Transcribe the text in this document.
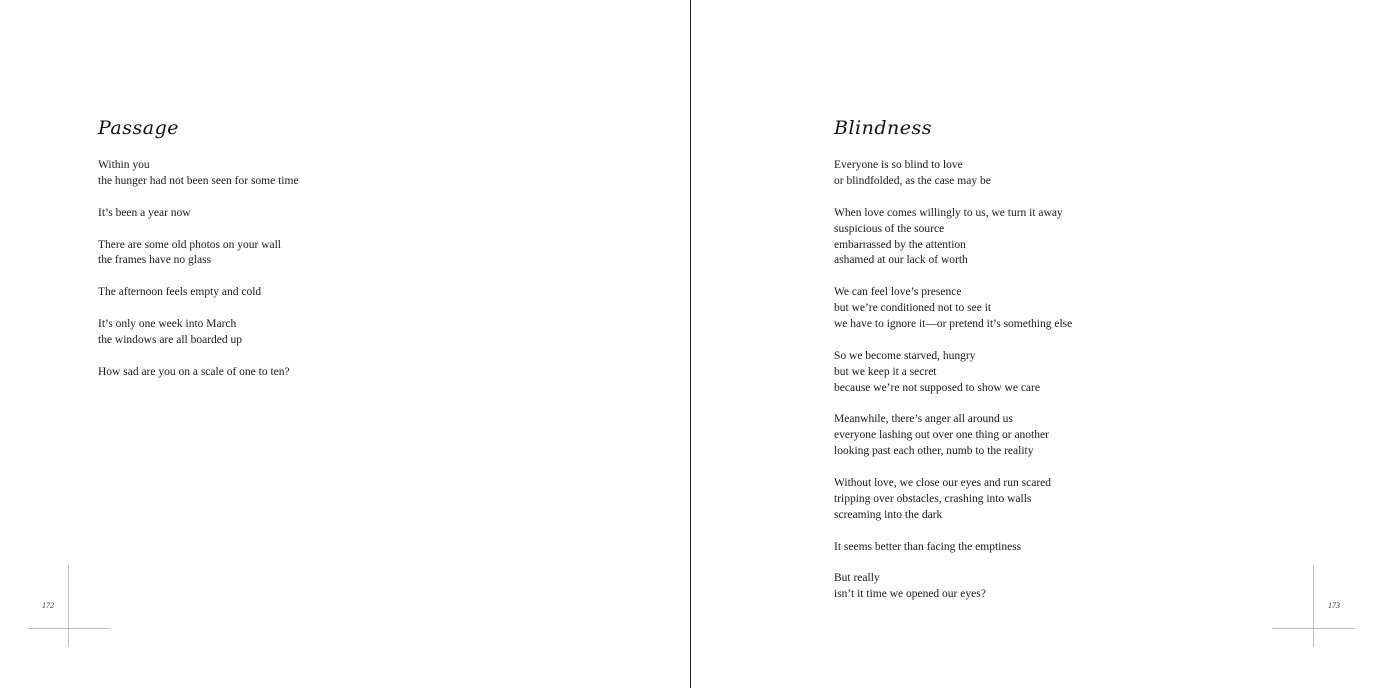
Passage
Within you
the hunger had not been seen for some time
It’s been a year now
There are some old photos on your wall
the frames have no glass
The afternoon feels empty and cold
It’s only one week into March
the windows are all boarded up
How sad are you on a scale of one to ten?
172
Blindness
Everyone is so blind to love
or blindfolded, as the case may be
When love comes willingly to us, we turn it away
suspicious of the source
embarrassed by the attention
ashamed at our lack of worth
We can feel love’s presence
but we’re conditioned not to see it
we have to ignore it—or pretend it’s something else
So we become starved, hungry
but we keep it a secret
because we’re not supposed to show we care
Meanwhile, there’s anger all around us
everyone lashing out over one thing or another
looking past each other, numb to the reality
Without love, we close our eyes and run scared
tripping over obstacles, crashing into walls
screaming into the dark
It seems better than facing the emptiness
But really
isn’t it time we opened our eyes?
173
